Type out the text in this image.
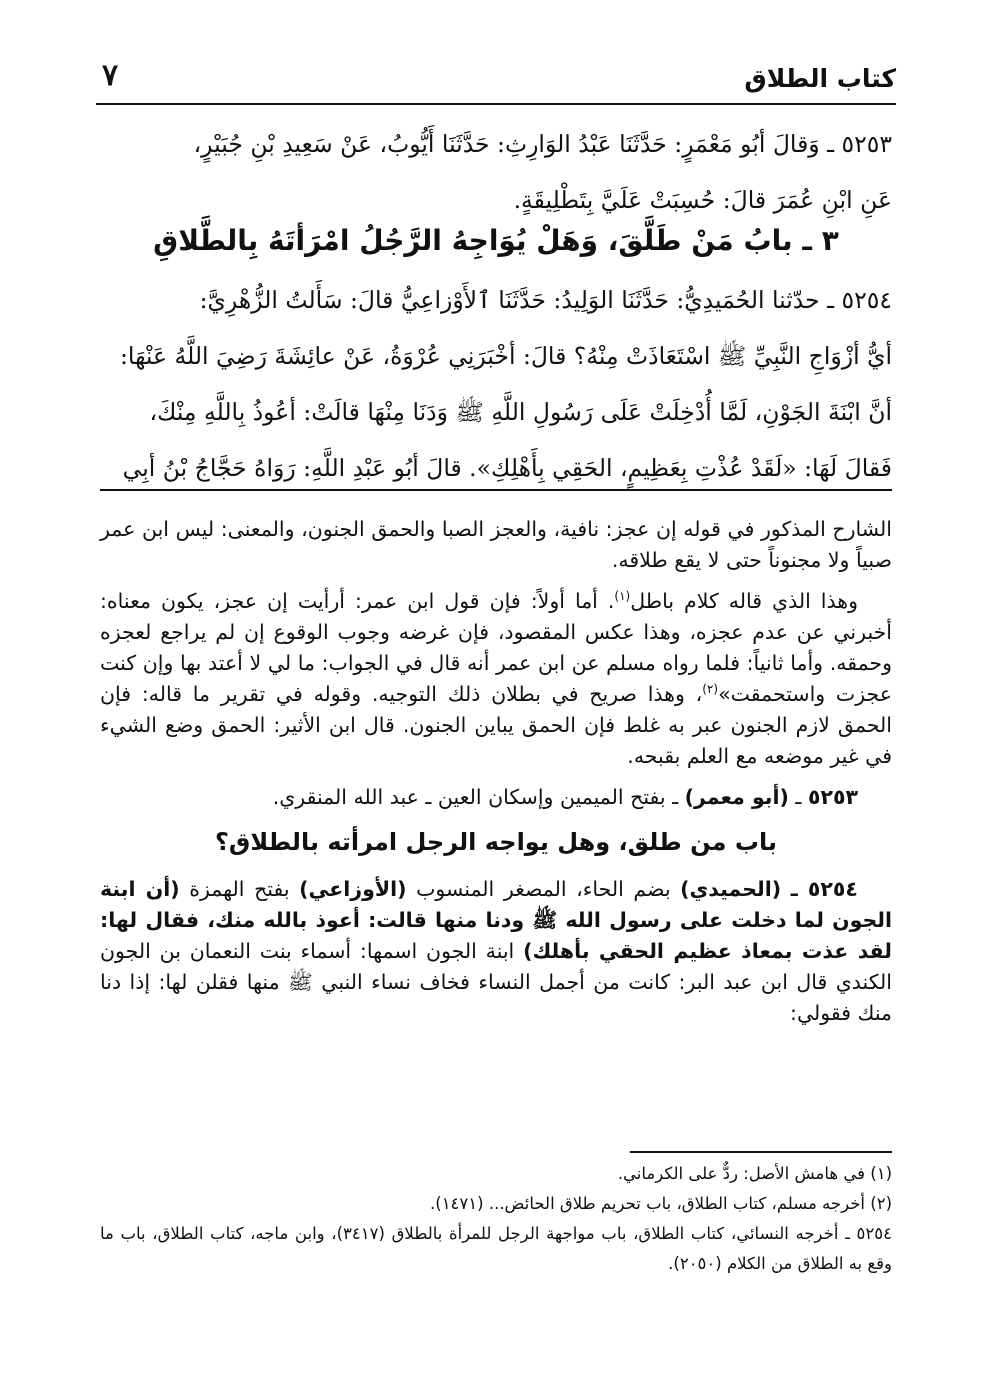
كتاب الطلاق
٧

٥٢٥٣ ـ وَقالَ أبُو مَعْمَرٍ: حَدَّثَنَا عَبْدُ الوَارِثِ: حَدَّثَنَا أَيُّوبُ، عَنْ سَعِيدِ بْنِ جُبَيْرٍ،

عَنِ ابْنِ عُمَرَ قالَ: حُسِبَتْ عَلَيَّ بِتَطْلِيقَةٍ.

٣ ـ بابُ مَنْ طَلَّقَ، وَهَلْ يُوَاجِهُ الرَّجُلُ امْرَأتَهُ بِالطَّلاقِ

٥٢٥٤ ـ حدّثنا الحُمَيدِيُّ: حَدَّثَنَا الوَلِيدُ: حَدَّثَنَا ٱلأَوْزاعِيُّ قالَ: سَأَلتُ الزُّهْرِيَّ:

أيُّ أزْوَاجِ النَّبِيِّ ﷺ اسْتَعَاذَتْ مِنْهُ؟ قالَ: أخْبَرَنِي عُرْوَةُ، عَنْ عائِشَةَ رَضِيَ اللَّهُ عَنْهَا:

أنَّ ابْنَةَ الجَوْنِ، لَمَّا أُدْخِلَتْ عَلَى رَسُولِ اللَّهِ ﷺ وَدَنَا مِنْهَا قالَتْ: أعُوذُ بِاللَّهِ مِنْكَ،

فَقالَ لَهَا: «لَقَدْ عُذْتِ بِعَظِيمٍ، الحَقِي بِأَهْلِكِ». قالَ أبُو عَبْدِ اللَّهِ: رَوَاهُ حَجَّاجُ بْنُ أبِي

الشارح المذكور في قوله إن عجز: نافية، والعجز الصبا والحمق الجنون، والمعنى: ليس ابن عمر صبياً ولا مجنوناً حتى لا يقع طلاقه.

وهذا الذي قاله كلام باطل$^{(١)}$. أما أولاً: فإن قول ابن عمر: أرأيت إن عجز، يكون معناه: أخبرني عن عدم عجزه، وهذا عكس المقصود، فإن غرضه وجوب الوقوع إن لم يراجع لعجزه وحمقه. وأما ثانياً: فلما رواه مسلم عن ابن عمر أنه قال في الجواب: ما لي لا أعتد بها وإن كنت عجزت واستحمقت»$^{(٢)}$، وهذا صريح في بطلان ذلك التوجيه. وقوله في تقرير ما قاله: فإن الحمق لازم الجنون عبر به غلط فإن الحمق يباين الجنون. قال ابن الأثير: الحمق وضع الشيء في غير موضعه مع العلم بقبحه.

٥٢٥٣ ـ (أبو معمر) ـ بفتح الميمين وإسكان العين ـ عبد الله المنقري.

باب من طلق، وهل يواجه الرجل امرأته بالطلاق؟

٥٢٥٤ ـ (الحميدي) بضم الحاء، المصغر المنسوب (الأوزاعي) بفتح الهمزة (أن ابنة الجون لما دخلت على رسول الله ﷺ ودنا منها قالت: أعوذ بالله منك، فقال لها: لقد عذت بمعاذ عظيم الحقي بأهلك) ابنة الجون اسمها: أسماء بنت النعمان بن الجون الكندي قال ابن عبد البر: كانت من أجمل النساء فخاف نساء النبي ﷺ منها فقلن لها: إذا دنا منك فقولي:

(١) في هامش الأصل: ردٌّ على الكرماني.

(٢) أخرجه مسلم، كتاب الطلاق، باب تحريم طلاق الحائض... (١٤٧١).

٥٢٥٤ ـ أخرجه النسائي، كتاب الطلاق، باب مواجهة الرجل للمرأة بالطلاق (٣٤١٧)، وابن ماجه، كتاب الطلاق، باب ما وقع به الطلاق من الكلام (٢٠٥٠).
